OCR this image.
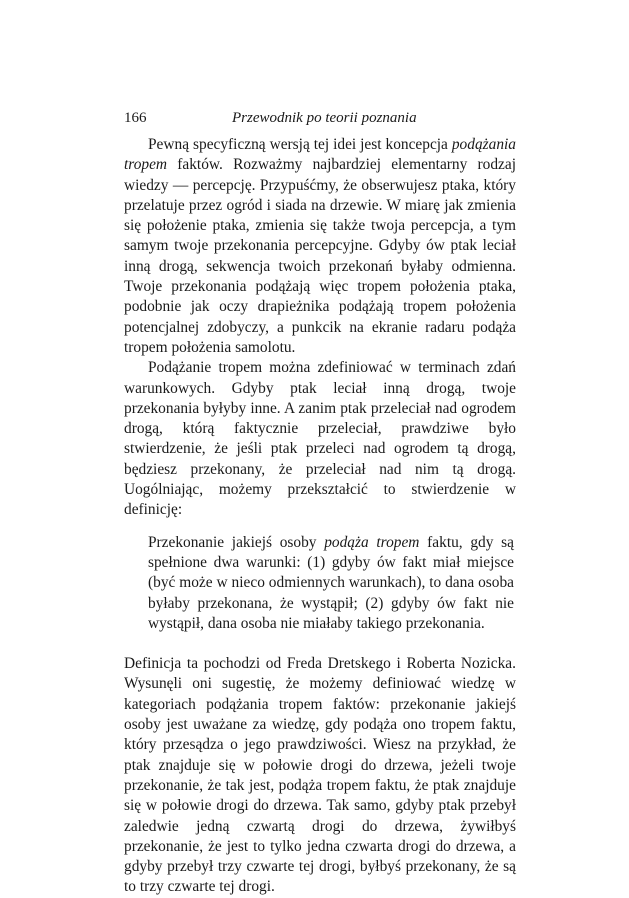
166	Przewodnik po teorii poznania

Pewną specyficzną wersją tej idei jest koncepcja podążania tropem faktów. Rozważmy najbardziej elementarny rodzaj wiedzy — percepcję. Przypuśćmy, że obserwujesz ptaka, który przelatuje przez ogród i siada na drzewie. W miarę jak zmienia się położenie ptaka, zmienia się także twoja percepcja, a tym samym twoje przekonania percepcyjne. Gdyby ów ptak leciał inną drogą, sekwencja twoich przekonań byłaby odmienna. Twoje przekonania podążają więc tropem położenia ptaka, podobnie jak oczy drapieżnika podążają tropem położenia potencjalnej zdobyczy, a punkcik na ekranie radaru podąża tropem położenia samolotu.

Podążanie tropem można zdefiniować w terminach zdań warunkowych. Gdyby ptak leciał inną drogą, twoje przekonania byłyby inne. A zanim ptak przeleciał nad ogrodem drogą, którą faktycznie przeleciał, prawdziwe było stwierdzenie, że jeśli ptak przeleci nad ogrodem tą drogą, będziesz przekonany, że przeleciał nad nim tą drogą. Uogólniając, możemy przekształcić to stwierdzenie w definicję:

Przekonanie jakiejś osoby podąża tropem faktu, gdy są spełnione dwa warunki: (1) gdyby ów fakt miał miejsce (być może w nieco odmiennych warunkach), to dana osoba byłaby przekonana, że wystąpił; (2) gdyby ów fakt nie wystąpił, dana osoba nie miałaby takiego przekonania.

Definicja ta pochodzi od Freda Dretskego i Roberta Nozicka. Wysunęli oni sugestię, że możemy definiować wiedzę w kategoriach podążania tropem faktów: przekonanie jakiejś osoby jest uważane za wiedzę, gdy podąża ono tropem faktu, który przesądza o jego prawdziwości. Wiesz na przykład, że ptak znajduje się w połowie drogi do drzewa, jeżeli twoje przekonanie, że tak jest, podąża tropem faktu, że ptak znajduje się w połowie drogi do drzewa. Tak samo, gdyby ptak przebył zaledwie jedną czwartą drogi do drzewa, żywiłbyś przekonanie, że jest to tylko jedna czwarta drogi do drzewa, a gdyby przebył trzy czwarte tej drogi, byłbyś przekonany, że są to trzy czwarte tej drogi.
